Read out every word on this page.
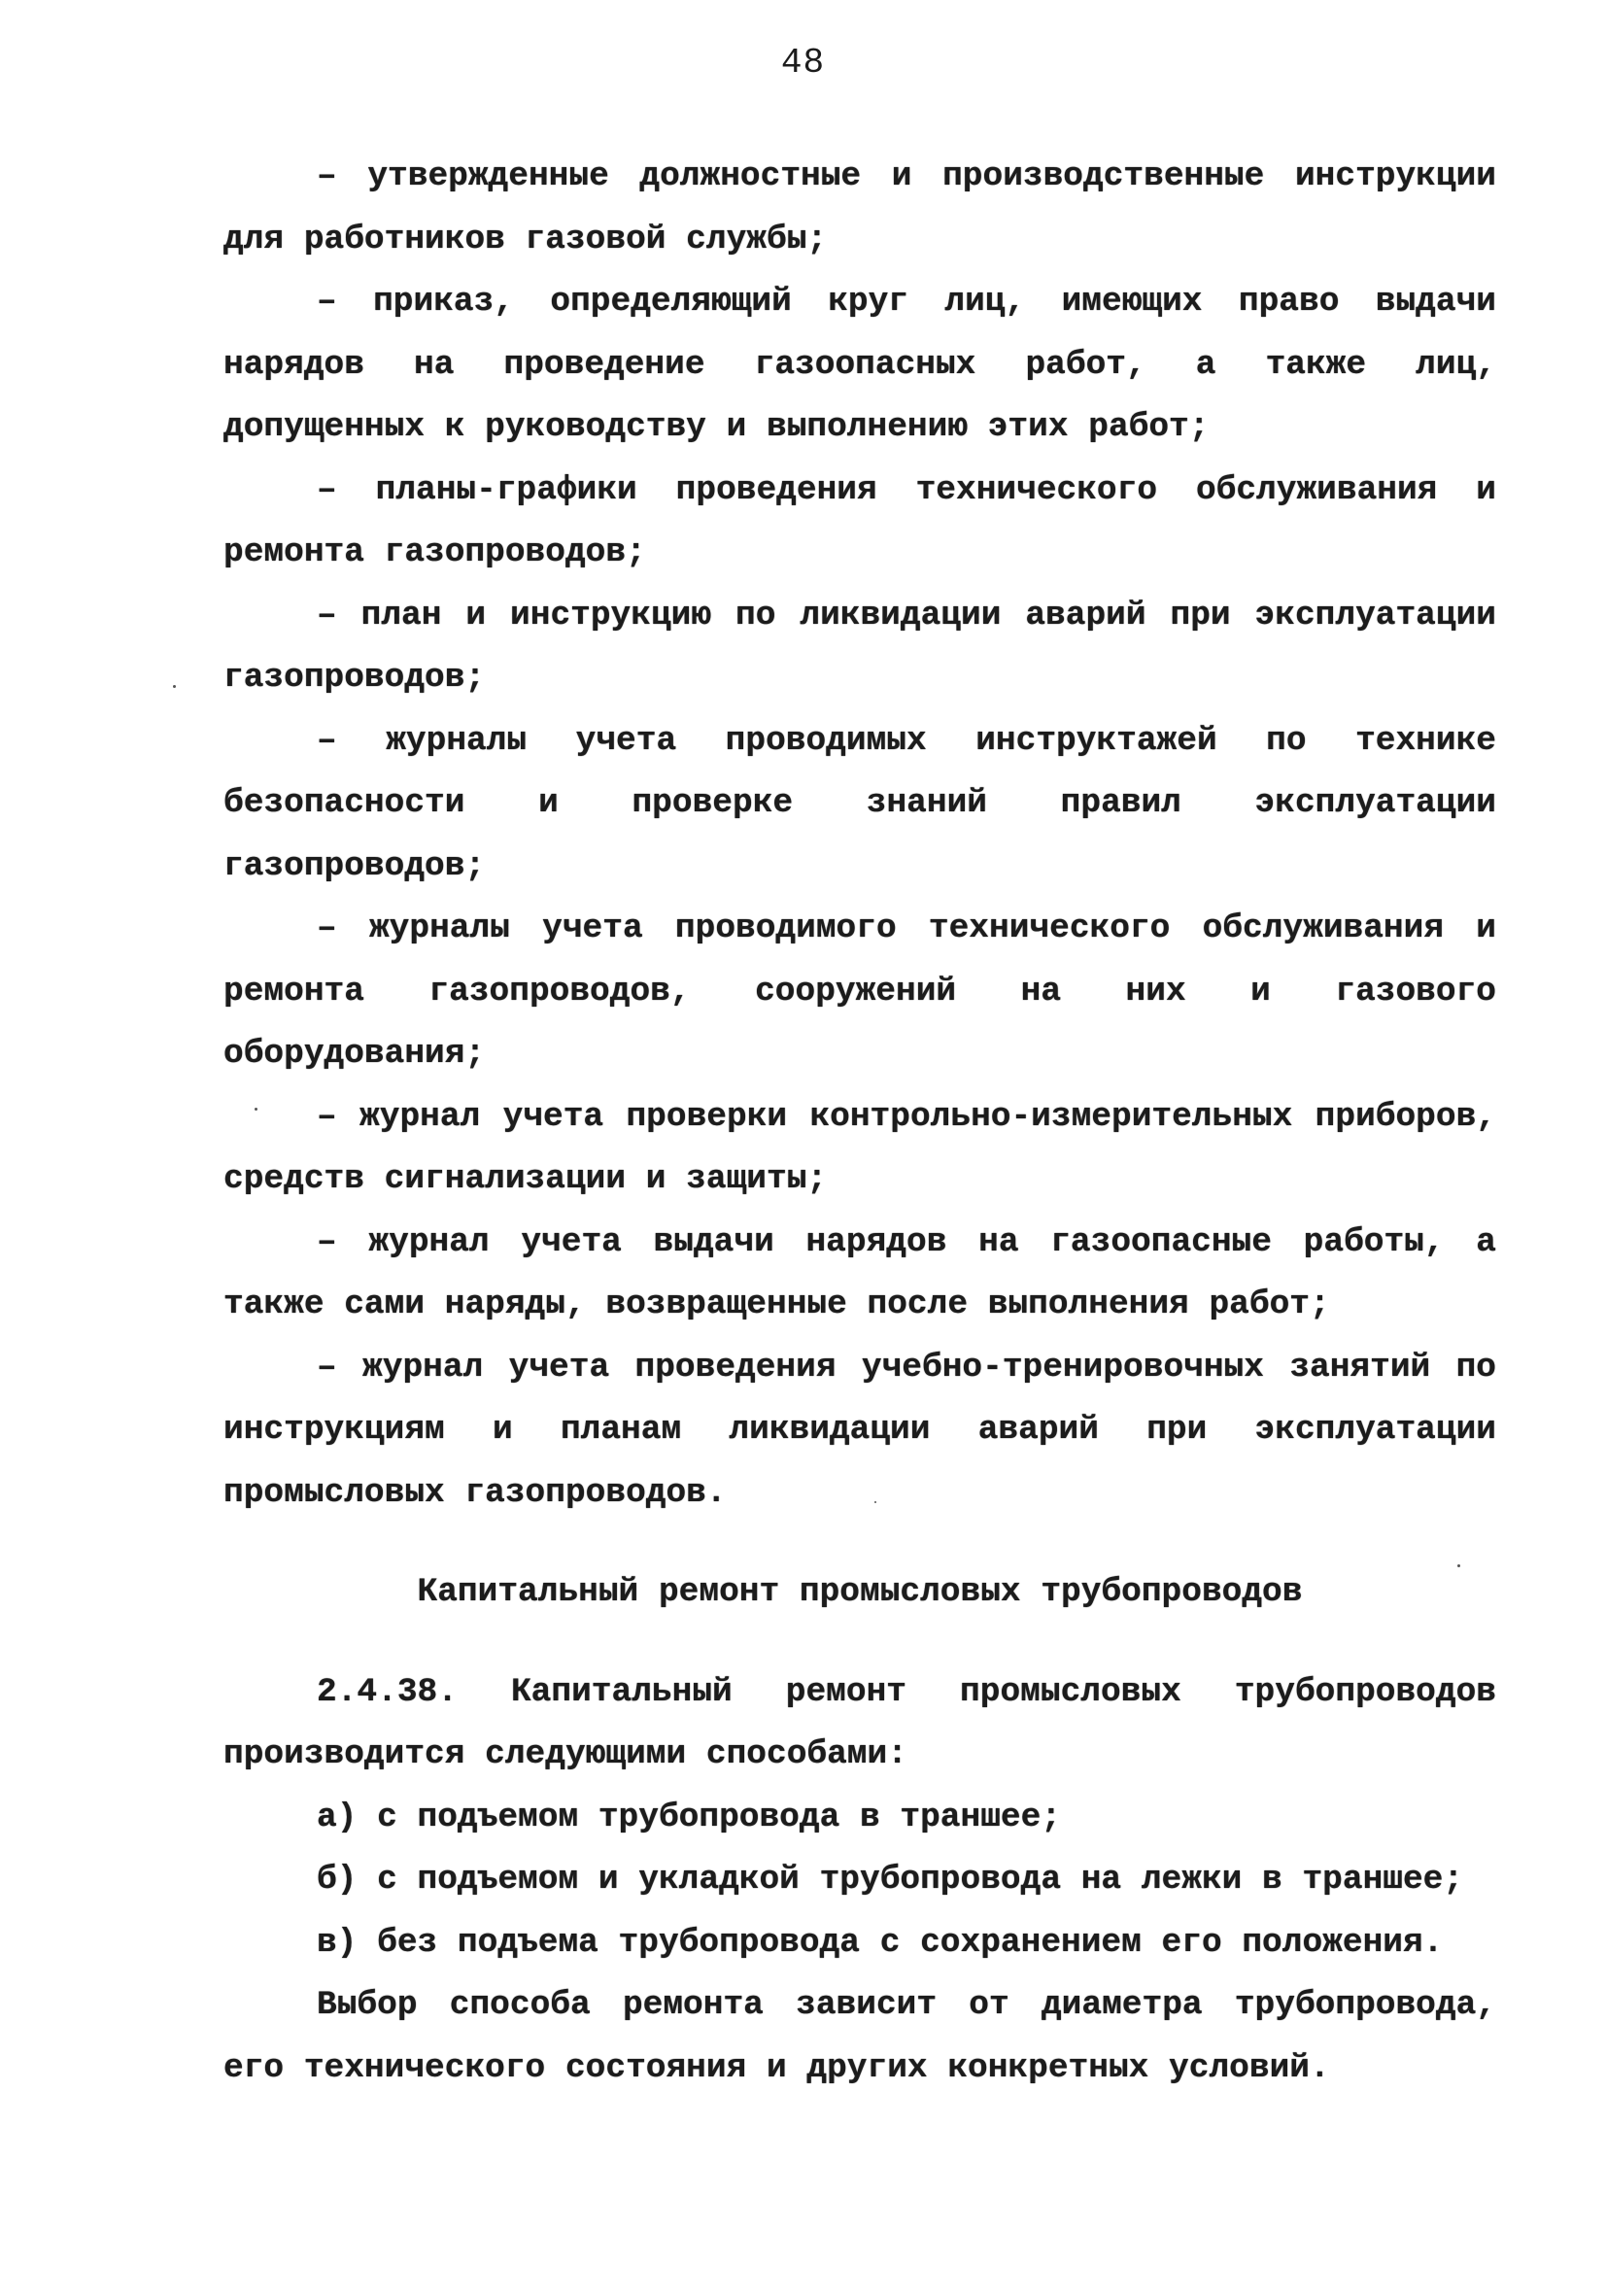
48

– утвержденные должностные и производственные инструкции для работников газовой службы;

– приказ, определяющий круг лиц, имеющих право выдачи нарядов на проведение газоопасных работ, а также лиц, допущенных к руководству и выполнению этих работ;

– планы-графики проведения технического обслуживания и ремонта газопроводов;

– план и инструкцию по ликвидации аварий при эксплуатации газопроводов;

– журналы учета проводимых инструктажей по технике безопасности и проверке знаний правил эксплуатации газопроводов;

– журналы учета проводимого технического обслуживания и ремонта газопроводов, сооружений на них и газового оборудования;

– журнал учета проверки контрольно-измерительных приборов, средств сигнализации и защиты;

– журнал учета выдачи нарядов на газоопасные работы, а также сами наряды, возвращенные после выполнения работ;

– журнал учета проведения учебно-тренировочных занятий по инструкциям и планам ликвидации аварий при эксплуатации промысловых газопроводов.

Капитальный ремонт промысловых трубопроводов

2.4.38. Капитальный ремонт промысловых трубопроводов производится следующими способами:

а) с подъемом трубопровода в траншее;

б) с подъемом и укладкой трубопровода на лежки в траншее;

в) без подъема трубопровода с сохранением его положения.

Выбор способа ремонта зависит от диаметра трубопровода, его технического состояния и других конкретных условий.
